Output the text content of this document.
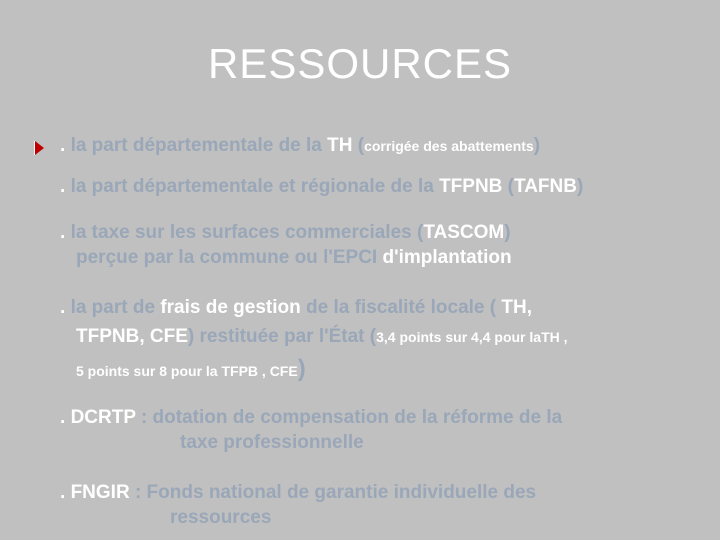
RESSOURCES
. la part départementale de la TH (corrigée des abattements)
. la part départementale et régionale de la TFPNB (TAFNB)
. la taxe sur les surfaces commerciales (TASCOM)
perçue par la commune ou l'EPCI d'implantation
. la part de frais de gestion de la fiscalité locale ( TH,
TFPNB, CFE) restituée par l'État (3,4 points sur 4,4 pour laTH ,
5 points sur 8 pour la TFPB , CFE)
. DCRTP : dotation de compensation de la réforme de la
taxe professionnelle
. FNGIR : Fonds national de garantie individuelle des
ressources
